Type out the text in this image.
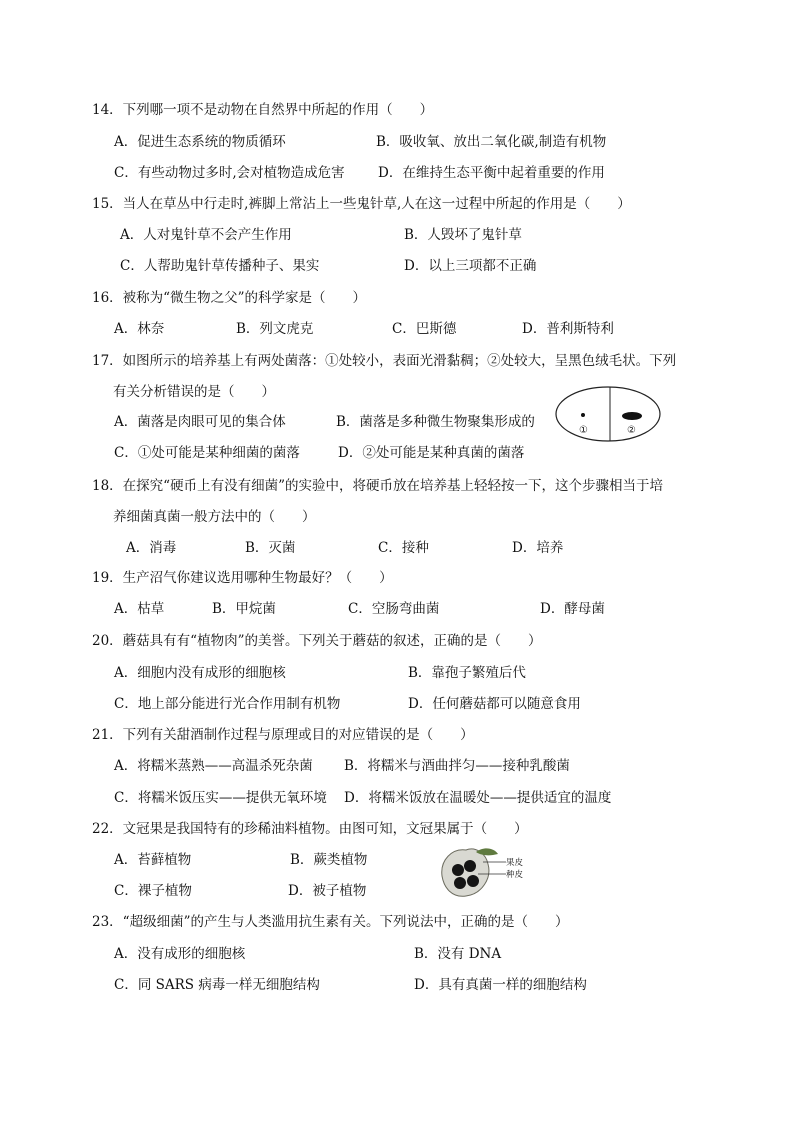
14．下列哪一项不是动物在自然界中所起的作用（　　）
A．促进生态系统的物质循环	B．吸收氧、放出二氧化碳,制造有机物
C．有些动物过多时,会对植物造成危害 D．在维持生态平衡中起着重要的作用
15．当人在草丛中行走时,裤脚上常沾上一些鬼针草,人在这一过程中所起的作用是（　　）
A．人对鬼针草不会产生作用	B．人毁坏了鬼针草
C．人帮助鬼针草传播种子、果实	D．以上三项都不正确
16．被称为“微生物之父”的科学家是（　　）
A．林奈	B．列文虎克	C．巴斯德	D．普利斯特利
17．如图所示的培养基上有两处菌落：①处较小，表面光滑黏稠；②处较大，呈黑色绒毛状。下列
有关分析错误的是（　　）
A．菌落是肉眼可见的集合体	B．菌落是多种微生物聚集形成的
C．①处可能是某种细菌的菌落	D．②处可能是某种真菌的菌落
①	②
18．在探究“硬币上有没有细菌”的实验中，将硬币放在培养基上轻轻按一下，这个步骤相当于培
养细菌真菌一般方法中的（　　）
A．消毒	B．灭菌	C．接种	D．培养
19．生产沼气你建议选用哪种生物最好？（　　）
A．枯草	B．甲烷菌	C．空肠弯曲菌	D．酵母菌
20．蘑菇具有有“植物肉”的美誉。下列关于蘑菇的叙述，正确的是（　　）
A．细胞内没有成形的细胞核	B．靠孢子繁殖后代
C．地上部分能进行光合作用制有机物	D．任何蘑菇都可以随意食用
21．下列有关甜酒制作过程与原理或目的对应错误的是（　　）
A．将糯米蒸熟——高温杀死杂菌 B．将糯米与酒曲拌匀——接种乳酸菌
C．将糯米饭压实——提供无氧环境 D．将糯米饭放在温暖处——提供适宜的温度
22．文冠果是我国特有的珍稀油料植物。由图可知，文冠果属于（　　）
A．苔藓植物	B．蕨类植物
C．裸子植物	D．被子植物
果皮
种皮
23．“超级细菌”的产生与人类滥用抗生素有关。下列说法中，正确的是（　　）
A．没有成形的细胞核	B．没有 DNA
C．同 SARS 病毒一样无细胞结构	D．具有真菌一样的细胞结构
